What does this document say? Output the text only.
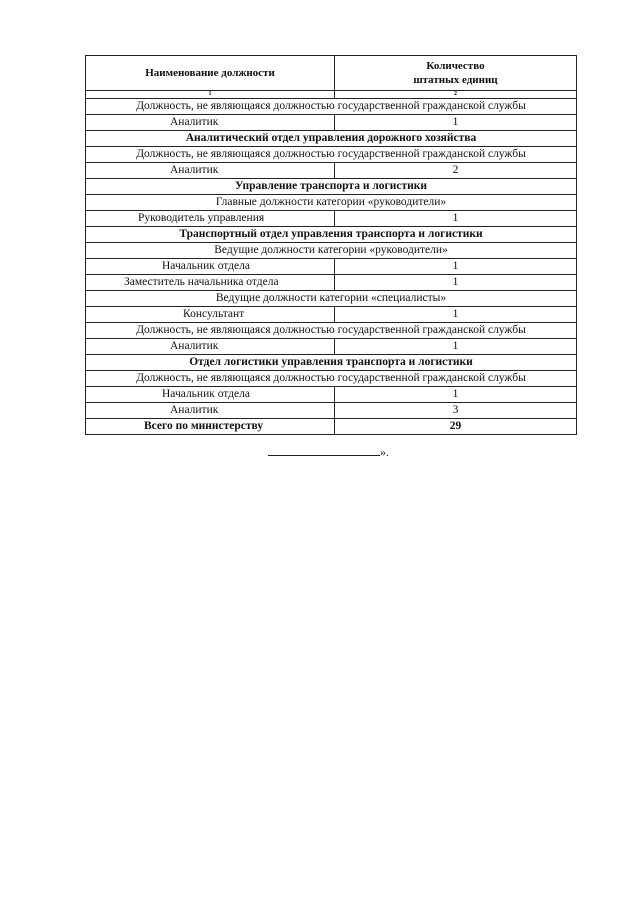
Наименование должности	Количество
штатных единиц

1	2
Должность, не являющаяся должностью государственной гражданской службы	
Аналитик	1
Аналитический отдел управления дорожного хозяйства	
Должность, не являющаяся должностью государственной гражданской службы	
Аналитик	2
Управление транспорта и логистики	
Главные должности категории «руководители»	
Руководитель управления	1
Транспортный отдел управления транспорта и логистики	
Ведущие должности категории «руководители»	
Начальник отдела	1
Заместитель начальника отдела	1
Ведущие должности категории «специалисты»	
Консультант	1
Должность, не являющаяся должностью государственной гражданской службы	
Аналитик	1
Отдел логистики управления транспорта и логистики	
Должность, не являющаяся должностью государственной гражданской службы	
Начальник отдела	1
Аналитик	3
Всего по министерству	29
».
